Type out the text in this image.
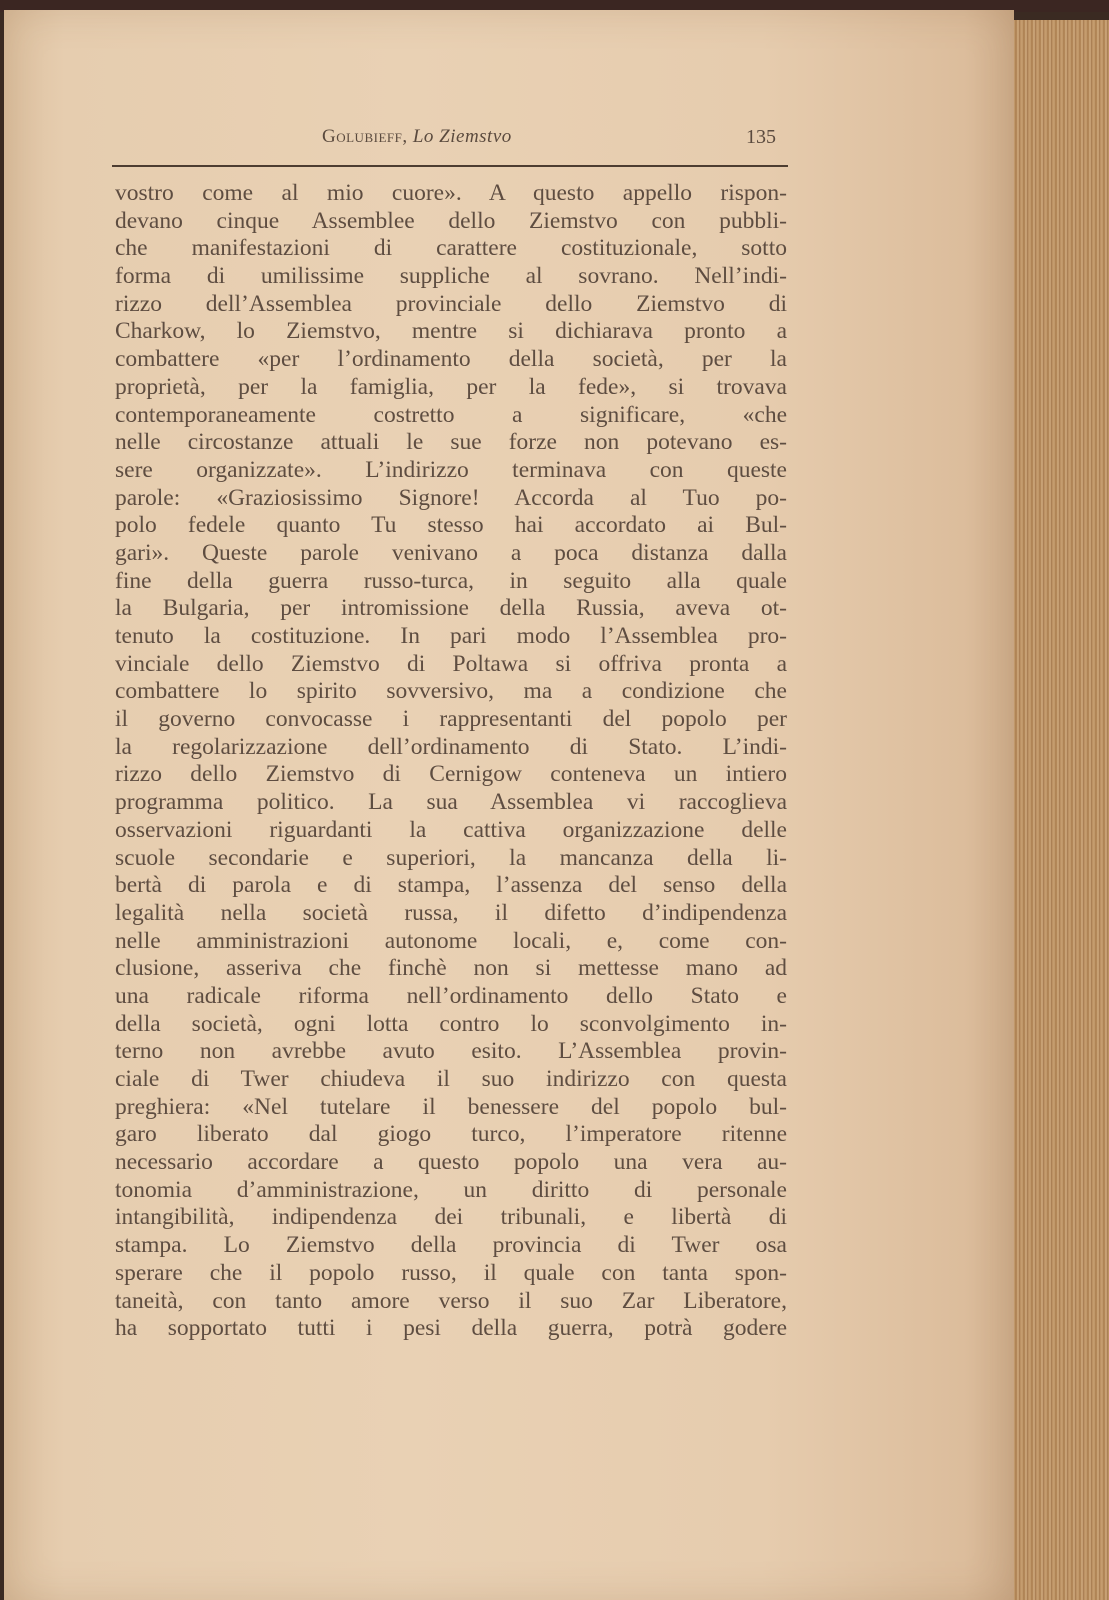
Golubieff, Lo Ziemstvo	135
vostro come al mio cuore». A questo appello rispon-
devano cinque Assemblee dello Ziemstvo con pubbli-
che manifestazioni di carattere costituzionale, sotto
forma di umilissime suppliche al sovrano. Nell’indi-
rizzo dell’Assemblea provinciale dello Ziemstvo di
Charkow, lo Ziemstvo, mentre si dichiarava pronto a
combattere «per l’ordinamento della società, per la
proprietà, per la famiglia, per la fede», si trovava
contemporaneamente costretto a significare, «che
nelle circostanze attuali le sue forze non potevano es-
sere organizzate». L’indirizzo terminava con queste
parole: «Graziosissimo Signore! Accorda al Tuo po-
polo fedele quanto Tu stesso hai accordato ai Bul-
gari». Queste parole venivano a poca distanza dalla
fine della guerra russo-turca, in seguito alla quale
la Bulgaria, per intromissione della Russia, aveva ot-
tenuto la costituzione. In pari modo l’Assemblea pro-
vinciale dello Ziemstvo di Poltawa si offriva pronta a
combattere lo spirito sovversivo, ma a condizione che
il governo convocasse i rappresentanti del popolo per
la regolarizzazione dell’ordinamento di Stato. L’indi-
rizzo dello Ziemstvo di Cernigow conteneva un intiero
programma politico. La sua Assemblea vi raccoglieva
osservazioni riguardanti la cattiva organizzazione delle
scuole secondarie e superiori, la mancanza della li-
bertà di parola e di stampa, l’assenza del senso della
legalità nella società russa, il difetto d’indipendenza
nelle amministrazioni autonome locali, e, come con-
clusione, asseriva che finchè non si mettesse mano ad
una radicale riforma nell’ordinamento dello Stato e
della società, ogni lotta contro lo sconvolgimento in-
terno non avrebbe avuto esito. L’Assemblea provin-
ciale di Twer chiudeva il suo indirizzo con questa
preghiera: «Nel tutelare il benessere del popolo bul-
garo liberato dal giogo turco, l’imperatore ritenne
necessario accordare a questo popolo una vera au-
tonomia d’amministrazione, un diritto di personale
intangibilità, indipendenza dei tribunali, e libertà di
stampa. Lo Ziemstvo della provincia di Twer osa
sperare che il popolo russo, il quale con tanta spon-
taneità, con tanto amore verso il suo Zar Liberatore,
ha sopportato tutti i pesi della guerra, potrà godere
